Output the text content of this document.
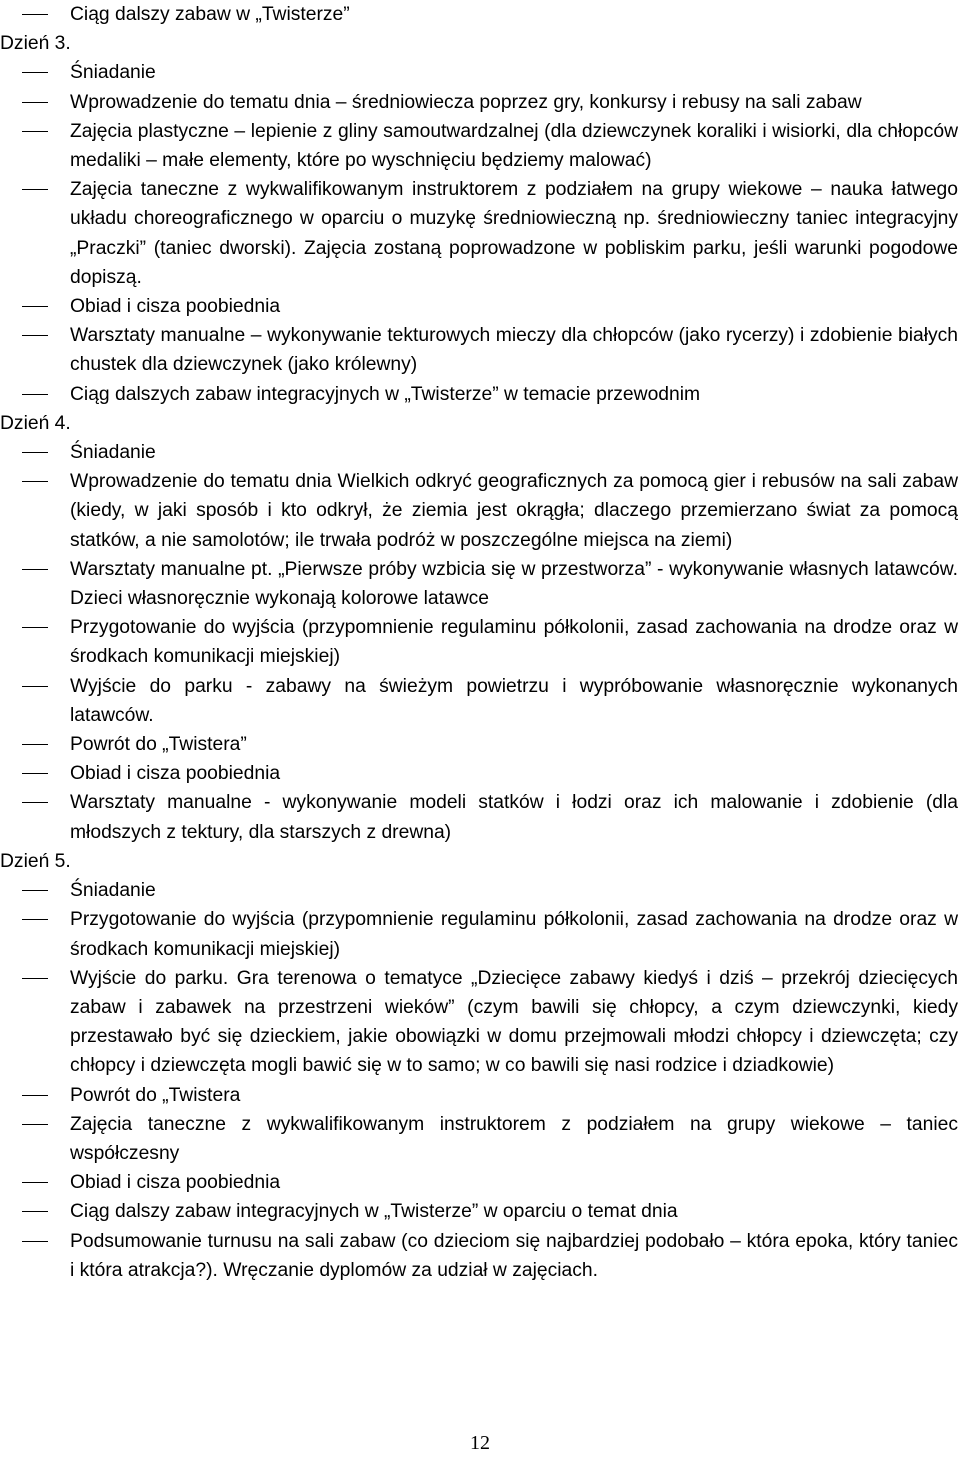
Ciąg dalszy zabaw w „Twisterze”
Dzień 3.
Śniadanie
Wprowadzenie do tematu dnia – średniowiecza poprzez gry, konkursy i rebusy na sali zabaw
Zajęcia plastyczne – lepienie z gliny samoutwardzalnej (dla dziewczynek koraliki i wisiorki, dla chłopców medaliki – małe elementy, które po wyschnięciu będziemy malować)
Zajęcia taneczne z wykwalifikowanym instruktorem z podziałem na grupy wiekowe – nauka łatwego układu choreograficznego w oparciu o muzykę średniowieczną np. średniowieczny taniec integracyjny „Praczki” (taniec dworski). Zajęcia zostaną poprowadzone w pobliskim parku, jeśli warunki pogodowe dopiszą.
Obiad i cisza poobiednia
Warsztaty manualne – wykonywanie tekturowych mieczy dla chłopców (jako rycerzy) i zdobienie białych chustek dla dziewczynek (jako królewny)
Ciąg dalszych zabaw integracyjnych w „Twisterze” w temacie przewodnim
Dzień 4.
Śniadanie
Wprowadzenie do tematu dnia Wielkich odkryć geograficznych za pomocą gier i rebusów na sali zabaw (kiedy, w jaki sposób i kto odkrył, że ziemia jest okrągła; dlaczego przemierzano świat za pomocą statków, a nie samolotów; ile trwała podróż w poszczególne miejsca na ziemi)
Warsztaty manualne pt. „Pierwsze próby wzbicia się w przestworza” - wykonywanie własnych latawców. Dzieci własnoręcznie wykonają kolorowe latawce
Przygotowanie do wyjścia (przypomnienie regulaminu półkolonii, zasad zachowania na drodze oraz w środkach komunikacji miejskiej)
Wyjście do parku - zabawy na świeżym powietrzu i wypróbowanie własnoręcznie wykonanych latawców.
Powrót do „Twistera”
Obiad i cisza poobiednia
Warsztaty manualne - wykonywanie modeli statków i łodzi oraz ich malowanie i zdobienie (dla młodszych z tektury, dla starszych z drewna)
Dzień 5.
Śniadanie
Przygotowanie do wyjścia (przypomnienie regulaminu półkolonii, zasad zachowania na drodze oraz w środkach komunikacji miejskiej)
Wyjście do parku. Gra terenowa o tematyce „Dziecięce zabawy kiedyś i dziś – przekrój dziecięcych zabaw i zabawek na przestrzeni wieków” (czym bawili się chłopcy, a czym dziewczynki, kiedy przestawało być się dzieckiem, jakie obowiązki w domu przejmowali młodzi chłopcy i dziewczęta; czy chłopcy i dziewczęta mogli bawić się w to samo; w co bawili się nasi rodzice i dziadkowie)
Powrót do „Twistera
Zajęcia taneczne z wykwalifikowanym instruktorem z podziałem na grupy wiekowe – taniec współczesny
Obiad i cisza poobiednia
Ciąg dalszy zabaw integracyjnych w „Twisterze” w oparciu o temat dnia
Podsumowanie turnusu na sali zabaw (co dzieciom się najbardziej podobało – która epoka, który taniec i która atrakcja?). Wręczanie dyplomów za udział w zajęciach.
12
